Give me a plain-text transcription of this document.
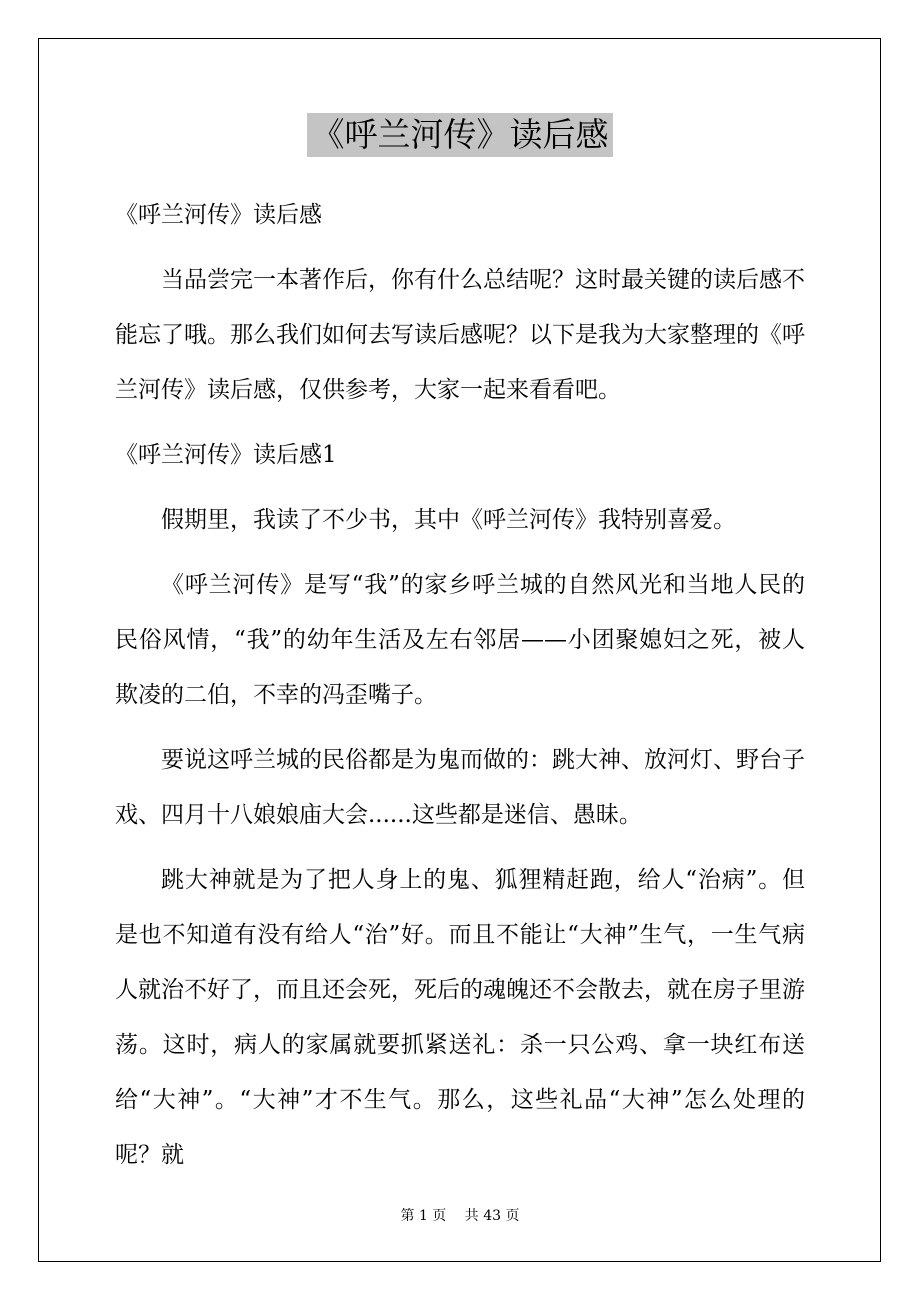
《呼兰河传》读后感

《呼兰河传》读后感

当品尝完一本著作后，你有什么总结呢？这时最关键的读后感不能忘了哦。那么我们如何去写读后感呢？以下是我为大家整理的《呼兰河传》读后感，仅供参考，大家一起来看看吧。

《呼兰河传》读后感1

假期里，我读了不少书，其中《呼兰河传》我特别喜爱。

《呼兰河传》是写“我”的家乡呼兰城的自然风光和当地人民的民俗风情，“我”的幼年生活及左右邻居——小团聚媳妇之死，被人欺凌的二伯，不幸的冯歪嘴子。

要说这呼兰城的民俗都是为鬼而做的：跳大神、放河灯、野台子戏、四月十八娘娘庙大会......这些都是迷信、愚昧。

跳大神就是为了把人身上的鬼、狐狸精赶跑，给人“治病”。但是也不知道有没有给人“治”好。而且不能让“大神”生气，一生气病人就治不好了，而且还会死，死后的魂魄还不会散去，就在房子里游荡。这时，病人的家属就要抓紧送礼：杀一只公鸡、拿一块红布送给“大神”。“大神”才不生气。那么，这些礼品“大神”怎么处理的呢？就

第 1 页　 共 43 页
